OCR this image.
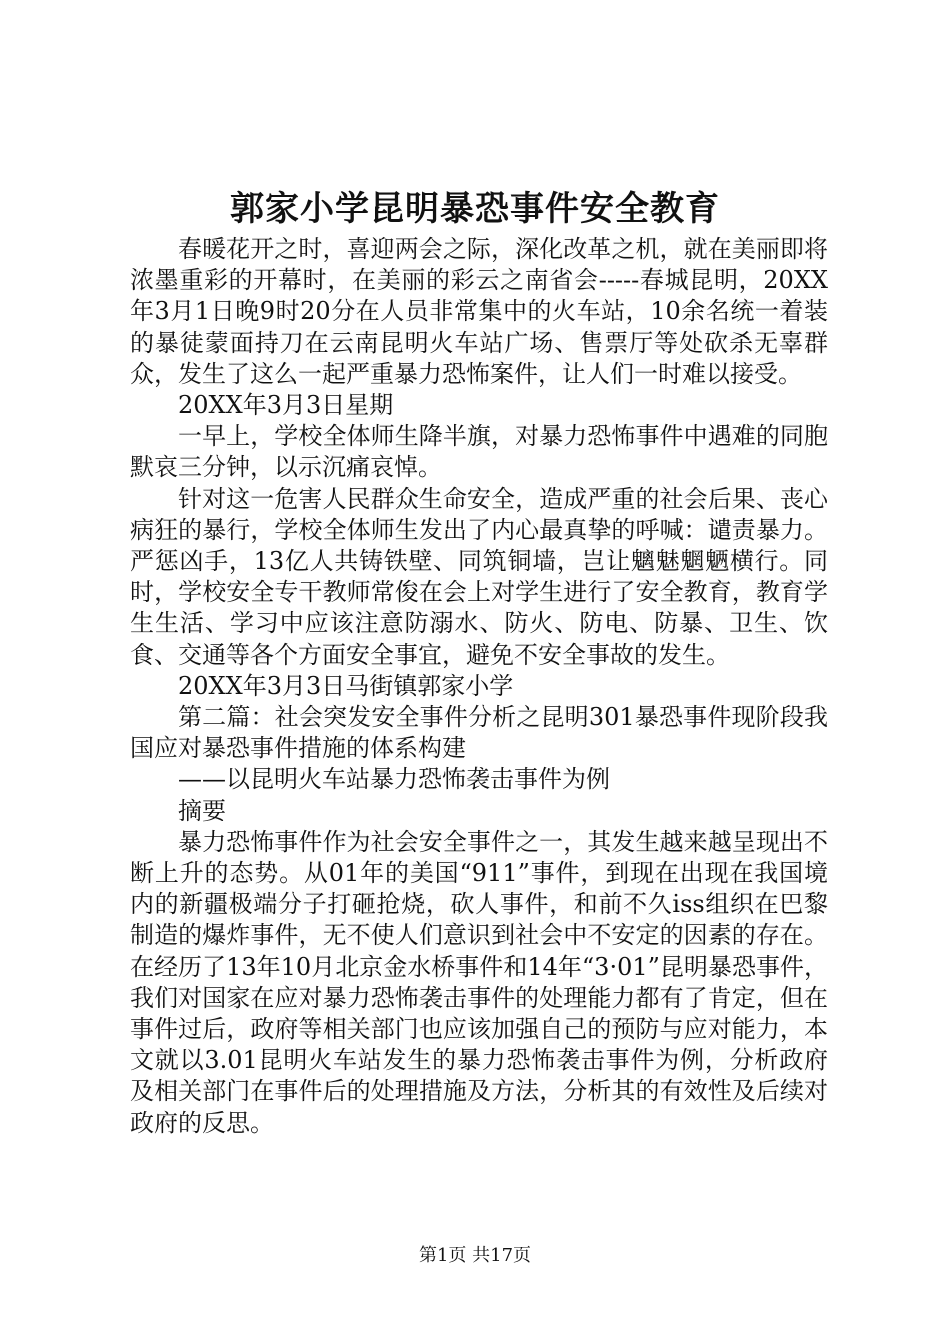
郭家小学昆明暴恐事件安全教育

春暖花开之时，喜迎两会之际，深化改革之机，就在美丽即将浓墨重彩的开幕时，在美丽的彩云之南省会-----春城昆明，20XX年3月1日晚9时20分在人员非常集中的火车站，10余名统一着装的暴徒蒙面持刀在云南昆明火车站广场、售票厅等处砍杀无辜群众，发生了这么一起严重暴力恐怖案件，让人们一时难以接受。

20XX年3月3日星期

一早上，学校全体师生降半旗，对暴力恐怖事件中遇难的同胞默哀三分钟，以示沉痛哀悼。

针对这一危害人民群众生命安全，造成严重的社会后果、丧心病狂的暴行，学校全体师生发出了内心最真挚的呼喊：谴责暴力。严惩凶手，13亿人共铸铁壁、同筑铜墙，岂让魑魅魍魉横行。同时，学校安全专干教师常俊在会上对学生进行了安全教育，教育学生生活、学习中应该注意防溺水、防火、防电、防暴、卫生、饮食、交通等各个方面安全事宜，避免不安全事故的发生。

20XX年3月3日马街镇郭家小学

第二篇：社会突发安全事件分析之昆明301暴恐事件现阶段我国应对暴恐事件措施的体系构建

——以昆明火车站暴力恐怖袭击事件为例

摘要

暴力恐怖事件作为社会安全事件之一，其发生越来越呈现出不断上升的态势。从01年的美国“911”事件，到现在出现在我国境内的新疆极端分子打砸抢烧，砍人事件，和前不久iss组织在巴黎制造的爆炸事件，无不使人们意识到社会中不安定的因素的存在。在经历了13年10月北京金水桥事件和14年“3·01”昆明暴恐事件，我们对国家在应对暴力恐怖袭击事件的处理能力都有了肯定，但在事件过后，政府等相关部门也应该加强自己的预防与应对能力，本文就以3.01昆明火车站发生的暴力恐怖袭击事件为例，分析政府及相关部门在事件后的处理措施及方法，分析其的有效性及后续对政府的反思。

第1页 共17页
